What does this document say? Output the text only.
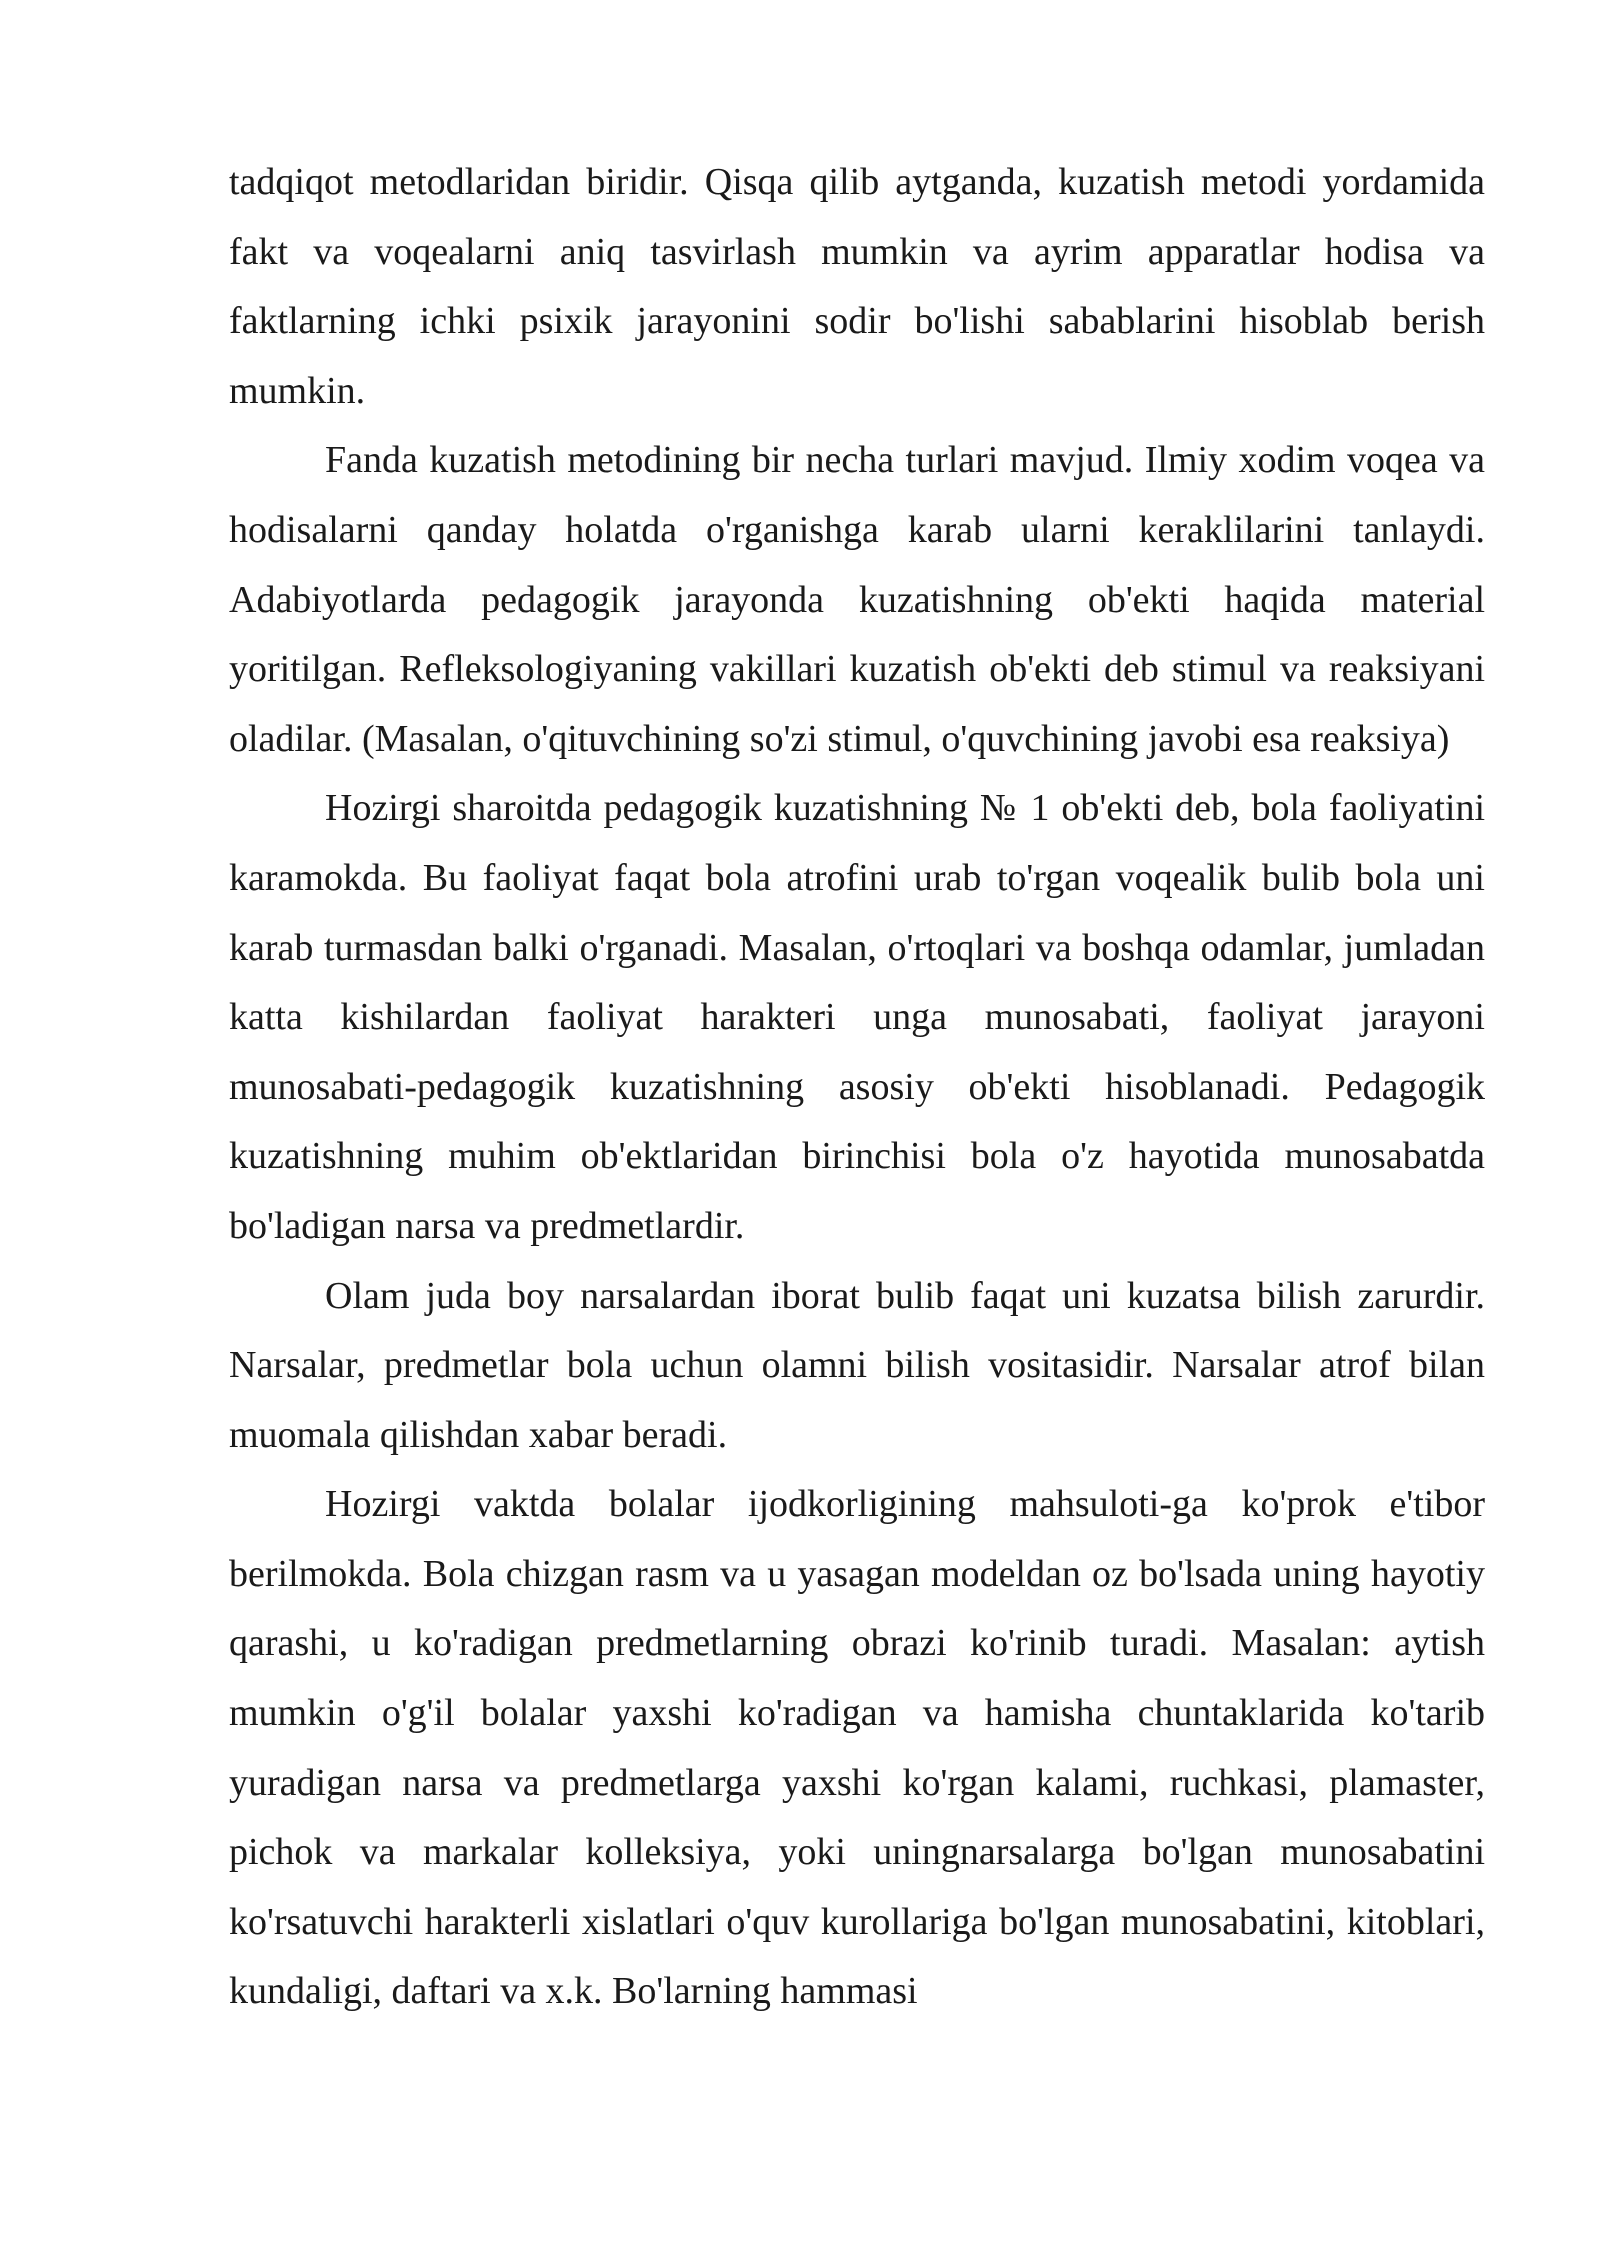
tadqiqot metodlaridan biridir. Qisqa qilib aytganda, kuzatish metodi yordamida fakt va voqealarni aniq tasvirlash mumkin va ayrim apparatlar hodisa va faktlarning ichki psixik jarayonini sodir bo'lishi sabablarini hisoblab berish mumkin.

Fanda kuzatish metodining bir necha turlari mavjud. Ilmiy xodim voqea va hodisalarni qanday holatda o'rganishga karab ularni keraklilarini tanlaydi. Adabiyotlarda pedagogik jarayonda kuzatishning ob'ekti haqida material yoritilgan. Refleksologiyaning vakillari kuzatish ob'ekti deb stimul va reaksiyani oladilar. (Masalan, o'qituvchining so'zi stimul, o'quvchining javobi esa reaksiya)

Hozirgi sharoitda pedagogik kuzatishning № 1 ob'ekti deb, bola faoliyatini karamokda. Bu faoliyat faqat bola atrofini urab to'rgan voqealik bulib bola uni karab turmasdan balki o'rganadi. Masalan, o'rtoqlari va boshqa odamlar, jumladan katta kishilardan faoliyat harakteri unga munosabati, faoliyat jarayoni munosabati-pedagogik kuzatishning asosiy ob'ekti hisoblanadi. Pedagogik kuzatishning muhim ob'ektlaridan birinchisi bola o'z hayotida munosabatda bo'ladigan narsa va predmetlardir.

Olam juda boy narsalardan iborat bulib faqat uni kuzatsa bilish zarurdir. Narsalar, predmetlar bola uchun olamni bilish vositasidir. Narsalar atrof bilan muomala qilishdan xabar beradi.

Hozirgi vaktda bolalar ijodkorligining mahsuloti-ga ko'prok e'tibor berilmokda. Bola chizgan rasm va u yasagan modeldan oz bo'lsada uning hayotiy qarashi, u ko'radigan predmetlarning obrazi ko'rinib turadi. Masalan: aytish mumkin o'g'il bolalar yaxshi ko'radigan va hamisha chuntaklarida ko'tarib yuradigan narsa va predmetlarga yaxshi ko'rgan kalami, ruchkasi, plamaster, pichok va markalar kolleksiya, yoki uningnarsalarga bo'lgan munosabatini ko'rsatuvchi harakterli xislatlari o'quv kurollariga bo'lgan munosabatini, kitoblari, kundaligi, daftari va x.k. Bo'larning hammasi
